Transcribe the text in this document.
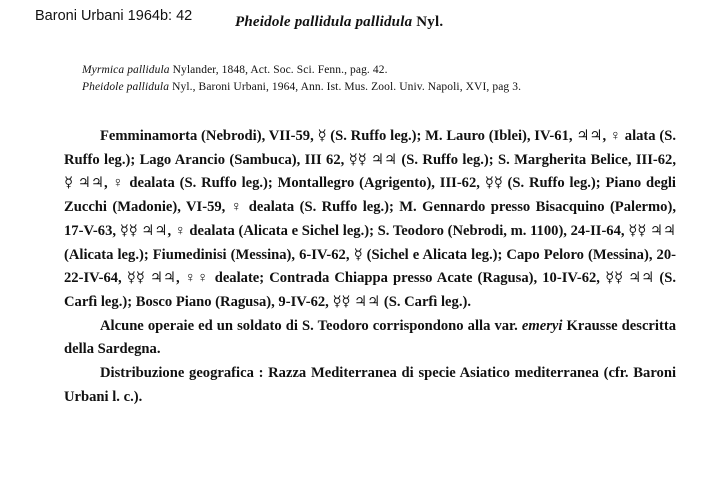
Baroni Urbani 1964b: 42	Pheidole pallidula pallidula Nyl.
Myrmica pallidula Nylander, 1848, Act. Soc. Sci. Fenn., pag. 42.
Pheidole pallidula Nyl., Baroni Urbani, 1964, Ann. Ist. Mus. Zool. Univ. Napoli, XVI, pag 3.

Femminamorta (Nebrodi), VII-59, ☿ (S. Ruffo leg.); M. Lauro (Iblei), IV-61, ♃♃, ♀ alata (S. Ruffo leg.); Lago Arancio (Sambuca), III 62, ☿☿ ♃♃ (S. Ruffo leg.); S. Margherita Belice, III-62, ☿ ♃♃, ♀ dealata (S. Ruffo leg.); Montallegro (Agrigento), III-62, ☿☿ (S. Ruffo leg.); Piano degli Zucchi (Madonie), VI-59, ♀ dealata (S. Ruffo leg.); M. Gennardo presso Bisacquino (Palermo), 17-V-63, ☿☿ ♃♃, ♀ dealata (Alicata e Sichel leg.); S. Teodoro (Nebrodi, m. 1100), 24-II-64, ☿☿ ♃♃ (Alicata leg.); Fiumedinisi (Messina), 6-IV-62, ☿ (Sichel e Alicata leg.); Capo Peloro (Messina), 20-22-IV-64, ☿☿ ♃♃, ♀♀ dealate; Contrada Chiappa presso Acate (Ragusa), 10-IV-62, ☿☿ ♃♃ (S. Carfì leg.); Bosco Piano (Ragusa), 9-IV-62, ☿☿ ♃♃ (S. Carfì leg.).

Alcune operaie ed un soldato di S. Teodoro corrispondono alla var. emeryi Krausse descritta della Sardegna.

Distribuzione geografica : Razza Mediterranea di specie Asiatico mediterranea (cfr. Baroni Urbani l. c.).
